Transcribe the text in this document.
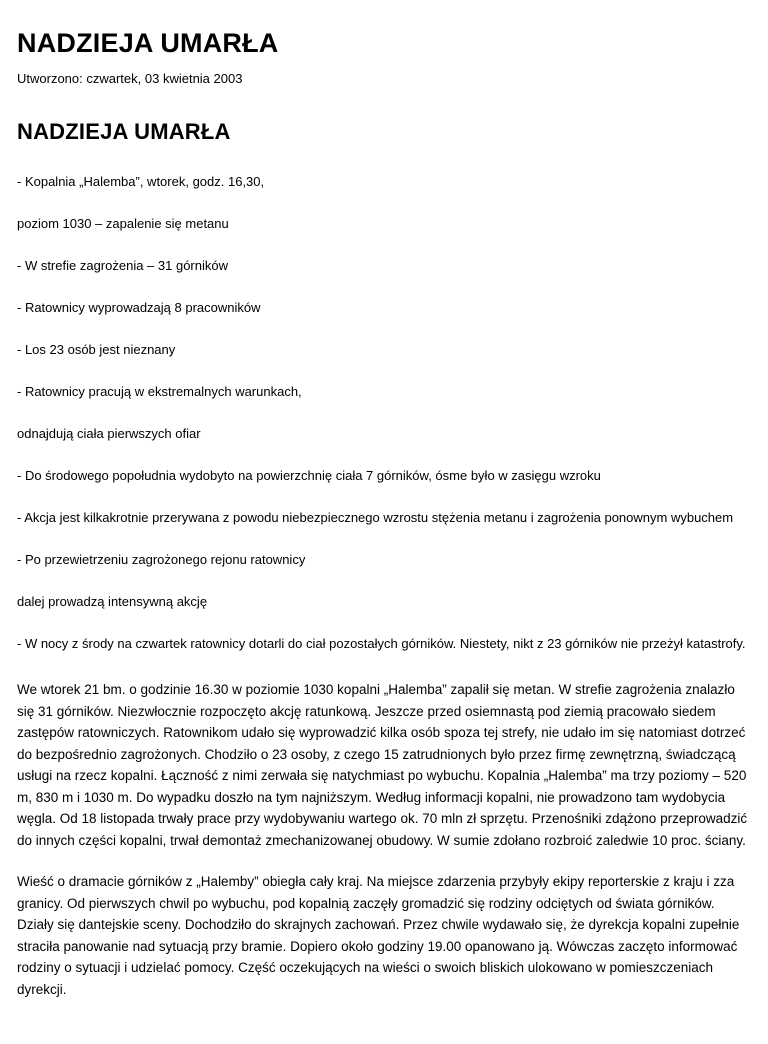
NADZIEJA UMARŁA

Utworzono: czwartek, 03 kwietnia 2003

NADZIEJA UMARŁA

- Kopalnia „Halemba”, wtorek, godz. 16,30,

poziom 1030 – zapalenie się metanu

- W strefie zagrożenia – 31 górników

- Ratownicy wyprowadzają 8 pracowników

- Los 23 osób jest nieznany

- Ratownicy pracują w ekstremalnych warunkach,

odnajdują ciała pierwszych ofiar

- Do środowego popołudnia wydobyto na powierzchnię ciała 7 górników, ósme było w zasięgu wzroku

- Akcja jest kilkakrotnie przerywana z powodu niebezpiecznego wzrostu stężenia metanu i zagrożenia ponownym wybuchem

- Po przewietrzeniu zagrożonego rejonu ratownicy

dalej prowadzą intensywną akcję

- W nocy z środy na czwartek ratownicy dotarli do ciał pozostałych górników. Niestety, nikt z 23 górników nie przeżył katastrofy.

We wtorek 21 bm. o godzinie 16.30 w poziomie 1030 kopalni „Halemba” zapalił się metan. W strefie zagrożenia znalazło się 31 górników. Niezwłocznie rozpoczęto akcję ratunkową. Jeszcze przed osiemnastą pod ziemią pracowało siedem zastępów ratowniczych. Ratownikom udało się wyprowadzić kilka osób spoza tej strefy, nie udało im się natomiast dotrzeć do bezpośrednio zagrożonych. Chodziło o 23 osoby, z czego 15 zatrudnionych było przez firmę zewnętrzną, świadczącą usługi na rzecz kopalni. Łączność z nimi zerwała się natychmiast po wybuchu. Kopalnia „Halemba” ma trzy poziomy – 520 m, 830 m i 1030 m. Do wypadku doszło na tym najniższym. Według informacji kopalni, nie prowadzono tam wydobycia węgla. Od 18 listopada trwały prace przy wydobywaniu wartego ok. 70 mln zł sprzętu. Przenośniki zdążono przeprowadzić do innych części kopalni, trwał demontaż zmechanizowanej obudowy. W sumie zdołano rozbroić zaledwie 10 proc. ściany.

Wieść o dramacie górników z „Halemby” obiegła cały kraj. Na miejsce zdarzenia przybyły ekipy reporterskie z kraju i zza granicy. Od pierwszych chwil po wybuchu, pod kopalnią zaczęły gromadzić się rodziny odciętych od świata górników. Działy się dantejskie sceny. Dochodziło do skrajnych zachowań. Przez chwile wydawało się, że dyrekcja kopalni zupełnie straciła panowanie nad sytuacją przy bramie. Dopiero około godziny 19.00 opanowano ją. Wówczas zaczęto informować rodziny o sytuacji i udzielać pomocy. Część oczekujących na wieści o swoich bliskich ulokowano w pomieszczeniach dyrekcji.
